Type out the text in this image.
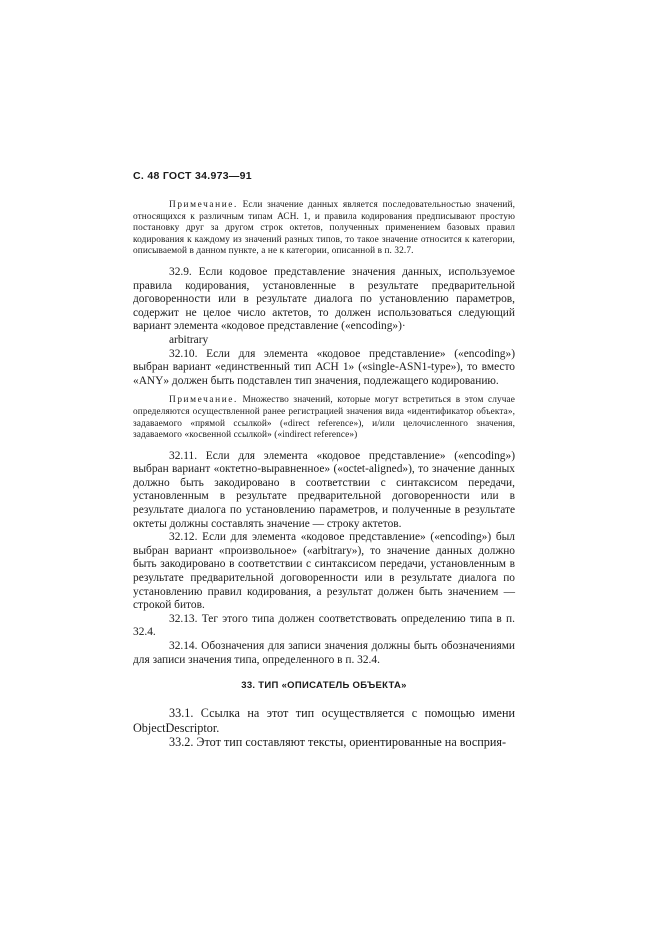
С. 48 ГОСТ 34.973—91

Примечание. Если значение данных является последовательностью значений, относящихся к различным типам АСН. 1, и правила кодирования предписывают простую постановку друг за другом строк октетов, полученных применением базовых правил кодирования к каждому из значений разных типов, то такое значение относится к категории, описываемой в данном пункте, а не к категории, описанной в п. 32.7.

32.9. Если кодовое представление значения данных, используемое правила кодирования, установленные в результате предварительной договоренности или в результате диалога по установлению параметров, содержит не целое число актетов, то должен использоваться следующий вариант элемента «кодовое представление («encoding»)·

arbitrary

32.10. Если для элемента «кодовое представление» («encoding») выбран вариант «единственный тип АСН 1» («single-ASN1-type»), то вместо «ANY» должен быть подставлен тип значения, подлежащего кодированию.

Примечание. Множество значений, которые могут встретиться в этом случае определяются осуществленной ранее регистрацией значения вида «идентификатор объекта», задаваемого «прямой ссылкой» («direct reference»), и/или целочисленного значения, задаваемого «косвенной ссылкой» («indirect reference»)

32.11. Если для элемента «кодовое представление» («encoding») выбран вариант «октетно-выравненное» («octet-aligned»), то значение данных должно быть закодировано в соответствии с синтаксисом передачи, установленным в результате предварительной договоренности или в результате диалога по установлению параметров, и полученные в результате октеты должны составлять значение — строку актетов.

32.12. Если для элемента «кодовое представление» («encoding») был выбран вариант «произвольное» («arbitrary»), то значение данных должно быть закодировано в соответствии с синтаксисом передачи, установленным в результате предварительной договоренности или в результате диалога по установлению правил кодирования, а результат должен быть значением — строкой битов.

32.13. Тег этого типа должен соответствовать определению типа в п. 32.4.

32.14. Обозначения для записи значения должны быть обозначениями для записи значения типа, определенного в п. 32.4.

33. ТИП «ОПИСАТЕЛЬ ОБЪЕКТА»

33.1. Ссылка на этот тип осуществляется с помощью имени ObjectDescriptor.

33.2. Этот тип составляют тексты, ориентированные на восприя-
